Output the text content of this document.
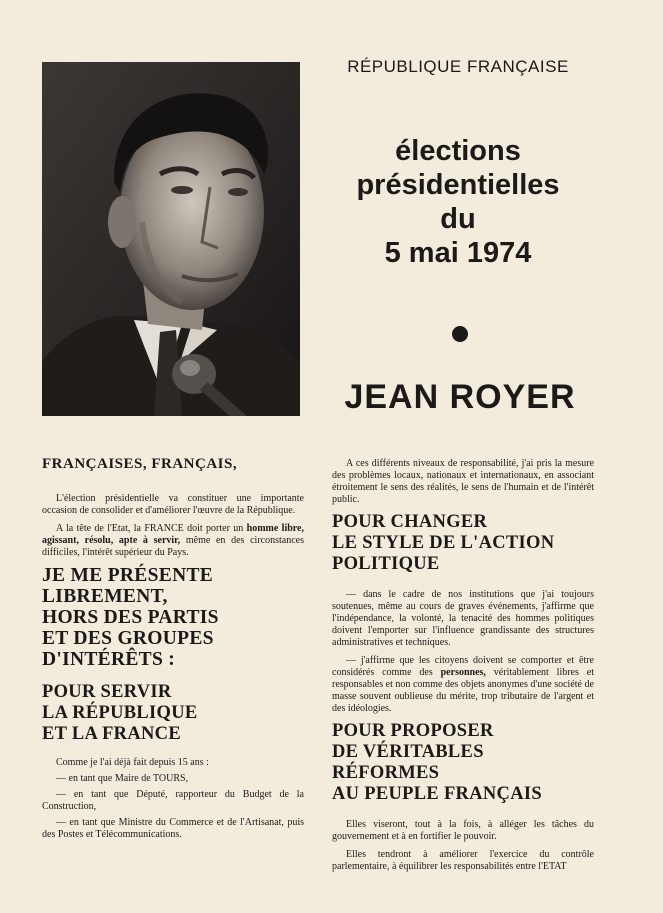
RÉPUBLIQUE FRANÇAISE
élections
présidentielles
du
5 mai 1974
JEAN ROYER
FRANÇAISES, FRANÇAIS,

L'élection présidentielle va constituer une importante occasion de consolider et d'améliorer l'œuvre de la République.

A la tête de l'Etat, la FRANCE doit porter un homme libre, agissant, résolu, apte à servir, même en des circonstances difficiles, l'intérêt supérieur du Pays.

JE ME PRÉSENTE
LIBREMENT,
HORS DES PARTIS
ET DES GROUPES
D'INTÉRÊTS :
POUR SERVIR
LA RÉPUBLIQUE
ET LA FRANCE

Comme je l'ai déjà fait depuis 15 ans :

— en tant que Maire de TOURS,

— en tant que Député, rapporteur du Budget de la Construction,

— en tant que Ministre du Commerce et de l'Artisanat, puis des Postes et Télécommunications.

A ces différents niveaux de responsabilité, j'ai pris la mesure des problèmes locaux, nationaux et internationaux, en associant étroitement le sens des réalités, le sens de l'humain et de l'intérêt public.

POUR CHANGER
LE STYLE DE L'ACTION
POLITIQUE

— dans le cadre de nos institutions que j'ai toujours soutenues, même au cours de graves événements, j'affirme que l'indépendance, la volonté, la tenacité des hommes politiques doivent l'emporter sur l'influence grandissante des structures administratives et techniques.

— j'affirme que les citoyens doivent se comporter et être considérés comme des personnes, véritablement libres et responsables et non comme des objets anonymes d'une société de masse souvent oublieuse du mérite, trop tributaire de l'argent et des idéologies.

POUR PROPOSER
DE VÉRITABLES
RÉFORMES
AU PEUPLE FRANÇAIS

Elles viseront, tout à la fois, à alléger les tâches du gouvernement et à en fortifier le pouvoir.

Elles tendront à améliorer l'exercice du contrôle parlementaire, à équilibrer les responsabilités entre l'ETAT
